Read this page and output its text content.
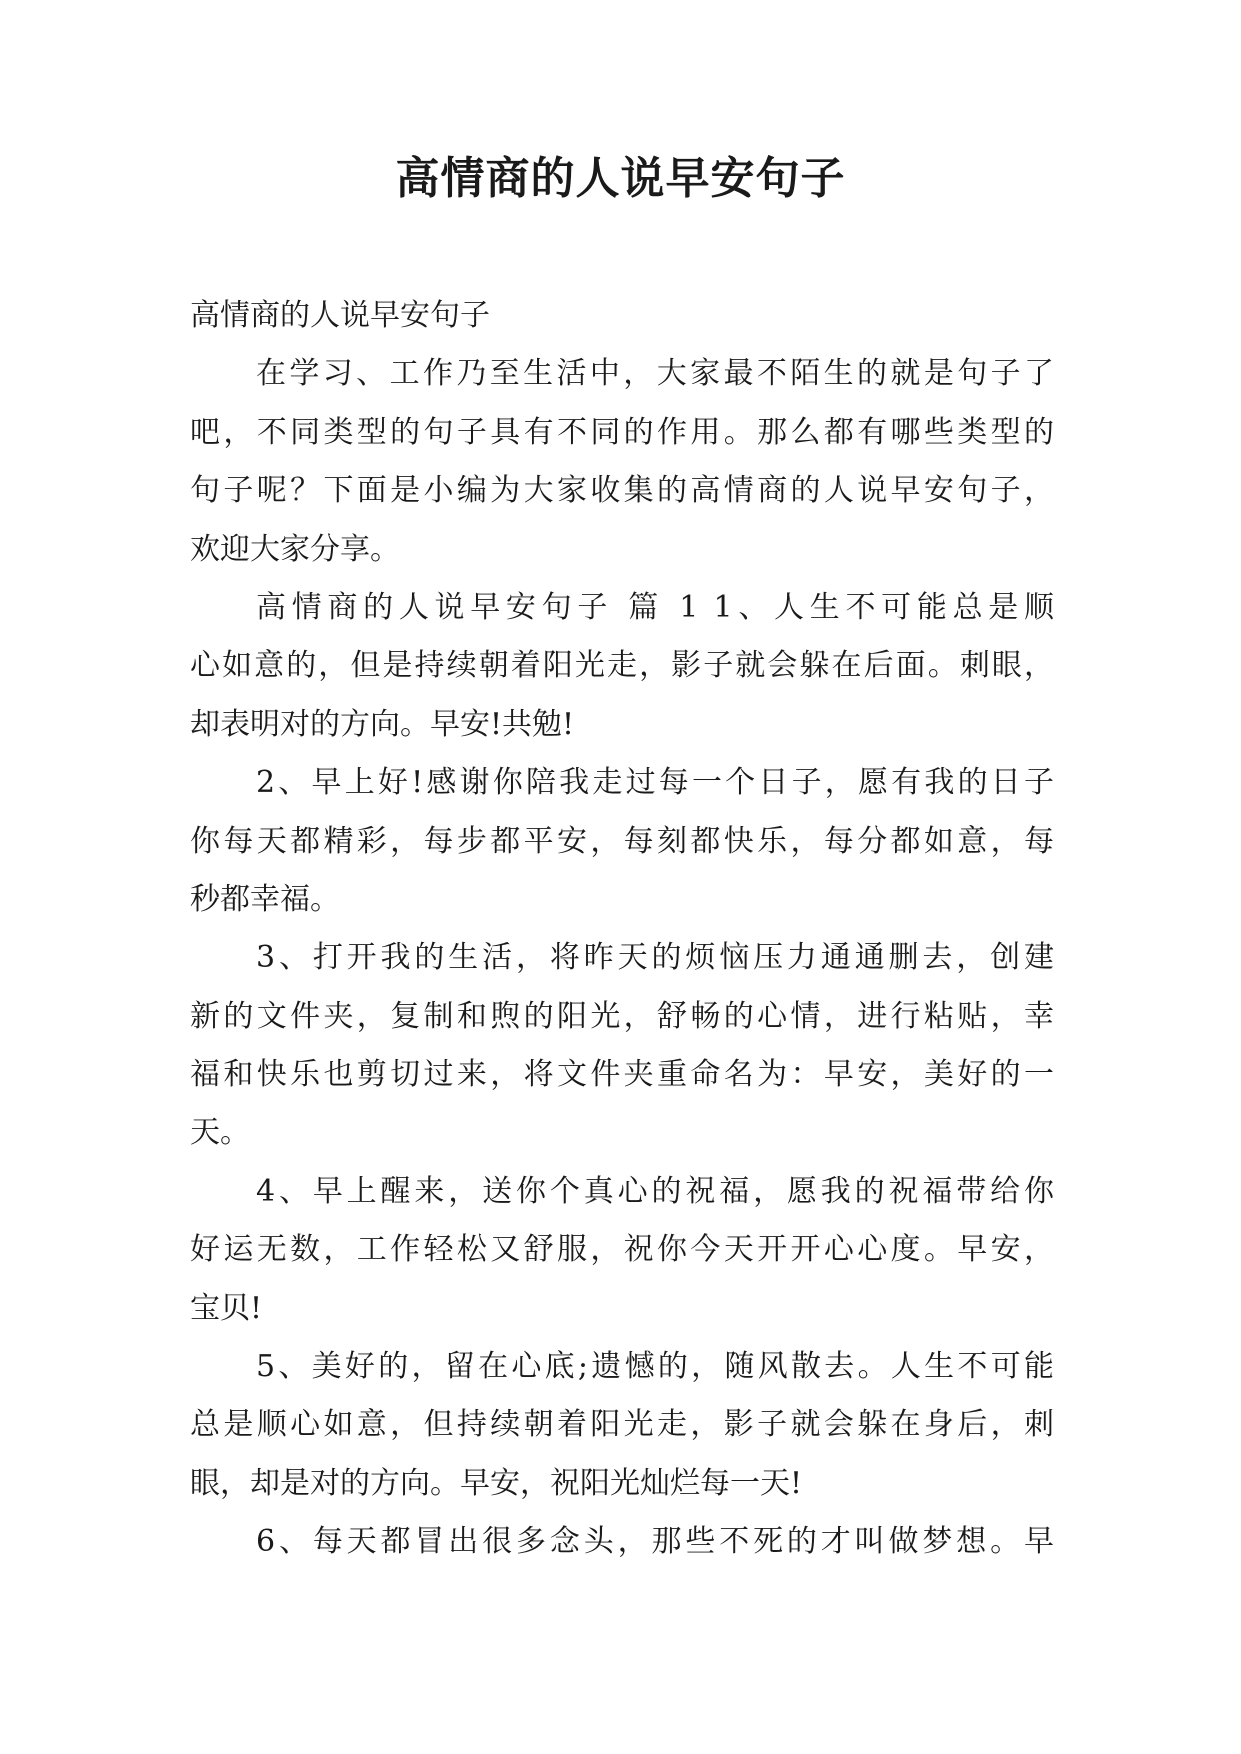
高情商的人说早安句子
高情商的人说早安句子
在学习、工作乃至生活中，大家最不陌生的就是句子了
吧，不同类型的句子具有不同的作用。那么都有哪些类型的
句子呢？下面是小编为大家收集的高情商的人说早安句子，
欢迎大家分享。
高情商的人说早安句子 篇 1 1、人生不可能总是顺
心如意的，但是持续朝着阳光走，影子就会躲在后面。刺眼，
却表明对的方向。早安!共勉!
2、早上好!感谢你陪我走过每一个日子，愿有我的日子
你每天都精彩，每步都平安，每刻都快乐，每分都如意，每
秒都幸福。
3、打开我的生活，将昨天的烦恼压力通通删去，创建
新的文件夹，复制和煦的阳光，舒畅的心情，进行粘贴，幸
福和快乐也剪切过来，将文件夹重命名为：早安，美好的一
天。
4、早上醒来，送你个真心的祝福，愿我的祝福带给你
好运无数，工作轻松又舒服，祝你今天开开心心度。早安，
宝贝!
5、美好的，留在心底;遗憾的，随风散去。人生不可能
总是顺心如意，但持续朝着阳光走，影子就会躲在身后，刺
眼，却是对的方向。早安，祝阳光灿烂每一天!
6、每天都冒出很多念头，那些不死的才叫做梦想。早
